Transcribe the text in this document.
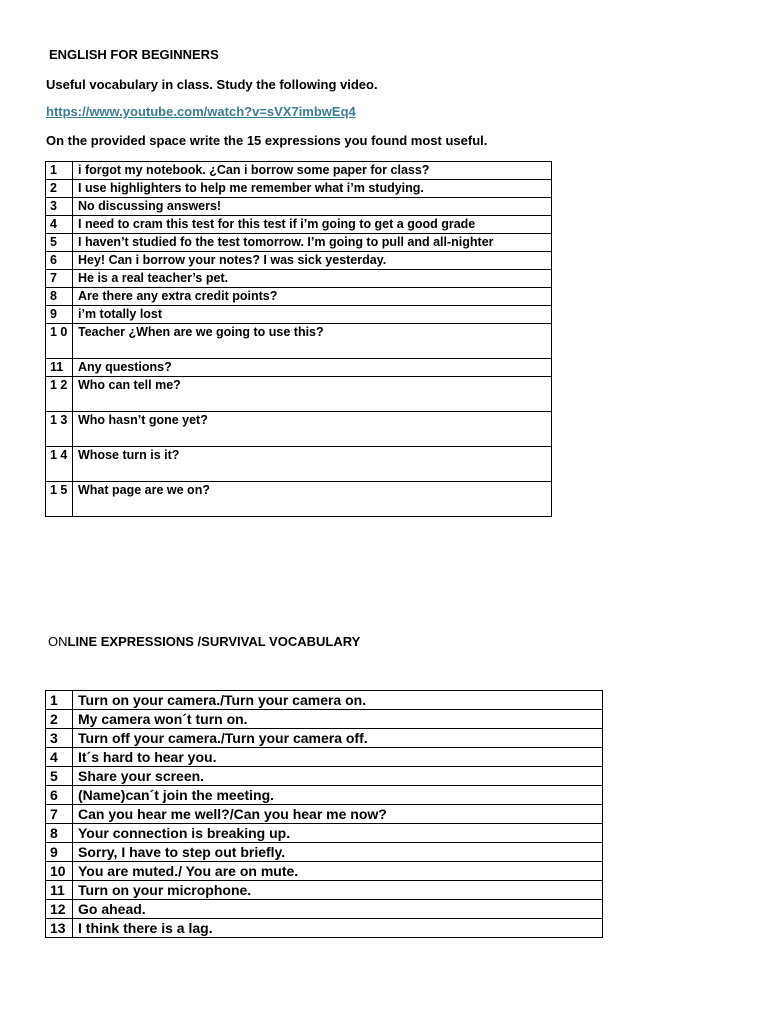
ENGLISH FOR BEGINNERS
Useful vocabulary in class. Study the following video.
https://www.youtube.com/watch?v=sVX7imbwEq4
On the provided space write the 15 expressions you found most useful.
1	i forgot my notebook. ¿Can i borrow some paper for class?
2	I use highlighters to help me remember what i’m studying.
3	No discussing answers!
4	I need to cram this test for this test if i’m going to get a good grade
5	I haven’t studied fo the test tomorrow. I’m going to pull and all-nighter
6	Hey! Can i borrow your notes? I was sick yesterday.
7	He is a real teacher’s pet.
8	Are there any extra credit points?
9	i’m totally lost
1 0	Teacher ¿When are we going to use this?
11	Any questions?
1 2	Who can tell me?
1 3	Who hasn’t gone yet?
1 4	Whose turn is it?
1 5	What page are we on?
ONLINE EXPRESSIONS /SURVIVAL VOCABULARY
1	Turn on your camera./Turn your camera on.
2	My camera won´t turn on.
3	Turn off your camera./Turn your camera off.
4	It´s hard to hear you.
5	Share your screen.
6	(Name)can´t join the meeting.
7	Can you hear me well?/Can you hear me now?
8	Your connection is breaking up.
9	Sorry, I have to step out briefly.
10	You are muted./ You are on mute.
11	Turn on your microphone.
12	Go ahead.
13	I think there is a lag.
